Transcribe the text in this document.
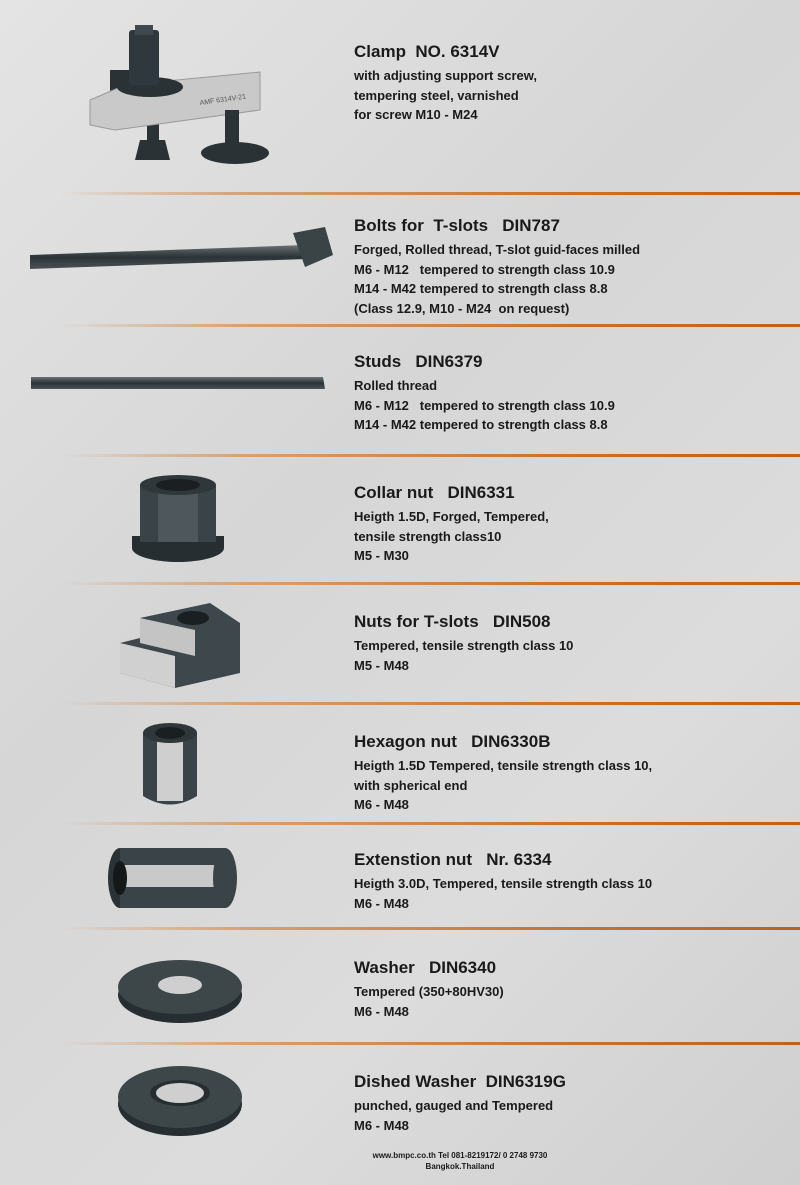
AMF 6314V-21
Clamp  NO. 6314V
with adjusting support screw,
tempering steel, varnished
for screw M10 - M24
Bolts for  T-slots   DIN787
Forged, Rolled thread, T-slot guid-faces milled
M6 - M12   tempered to strength class 10.9
M14 - M42 tempered to strength class 8.8
(Class 12.9, M10 - M24  on request)
Studs   DIN6379
Rolled thread
M6 - M12   tempered to strength class 10.9
M14 - M42 tempered to strength class 8.8
Collar nut   DIN6331
Heigth 1.5D, Forged, Tempered,
tensile strength class10
M5 - M30
Nuts for T-slots   DIN508
Tempered, tensile strength class 10
M5 - M48
Hexagon nut   DIN6330B
Heigth 1.5D Tempered, tensile strength class 10,
with spherical end
M6 - M48
Extenstion nut   Nr. 6334
Heigth 3.0D, Tempered, tensile strength class 10
M6 - M48
Washer   DIN6340
Tempered (350+80HV30)
M6 - M48
Dished Washer  DIN6319G
punched, gauged and Tempered
M6 - M48
www.bmpc.co.th Tel 081-8219172/ 0 2748 9730
Bangkok.Thailand
